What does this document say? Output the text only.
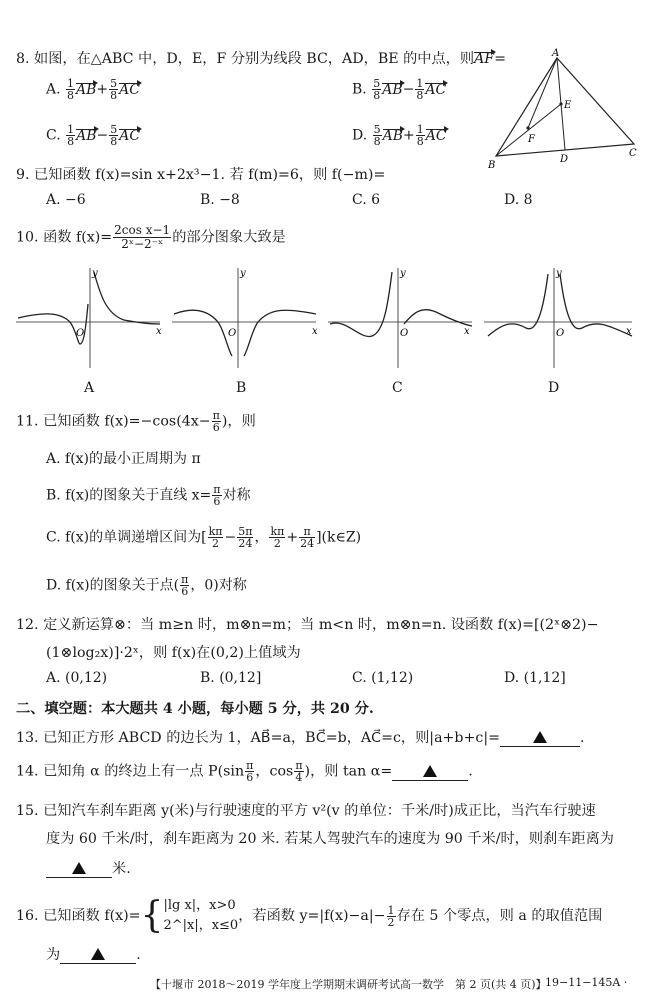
8. 如图，在△ABC 中，D，E，F 分别为线段 BC，AD，BE 的中点，则AF=
A. $\frac{1}{8} AB+ \frac{5}{8}$ AC	B. $\frac{5}{8} AB- \frac{1}{8}$ AC
C. $\frac{1}{8} AB- \frac{5}{8}$ AC	D. $\frac{5}{8} AB+ \frac{1}{8}$ AC
A
B
C
D
E
F
9. 已知函数 f(x)=sin x+2x³−1. 若 f(m)=6，则 f(−m)=
A. −6	B. −8	C. 6	D. 8
10. 函数 $f(x)= \frac{\text{2cos x−1}}{\text{2ˣ−2⁻ˣ}}$ 的部分图象大致是
y
x
O
y
x
O
y
x
O
y
x
O
A	B	C	D
11. 已知函数 $f(x)=-\cos(4x- \frac{\pi}{6}$ )，则
A. f(x)的最小正周期为 π
B. f(x)的图象关于直线 $x= \frac{\pi}{6}$ 对称
C. f(x)的单调递增区间为[ $\frac{k\pi}{2} - \frac{5\pi}{24}$ ， $\frac{k\pi}{2} + \frac{\pi}{24}$ ](k∈Z)
D. f(x)的图象关于点( $\frac{\pi}{6}$ ，0)对称
12. 定义新运算⊗：当 m≥n 时，m⊗n=m；当 m<n 时，m⊗n=n. 设函数 f(x)=[(2ˣ⊗2)−
(1⊗log₂x)]·2ˣ，则 f(x)在(0,2)上值域为
A. (0,12)	B. (0,12]	C. (1,12)	D. (1,12]
二、填空题：本大题共 4 小题，每小题 5 分，共 20 分.
13. 已知正方形 ABCD 的边长为 1，AB⃗=a，BC⃗=b，AC⃗=c，则|a+b+c|=	.
14. 已知角 α 的终边上有一点 $P(\sin \frac{\pi}{6}$ ，$\cos \frac{\pi}{4}$ )，则 tan α=	.
15. 已知汽车刹车距离 y(米)与行驶速度的平方 v²(v 的单位：千米/时)成正比，当汽车行驶速
度为 60 千米/时，刹车距离为 20 米. 若某人驾驶汽车的速度为 90 千米/时，则刹车距离为
米.
16. 已知函数 f(x)={ |lg x|，x>0
2^|x|，x≤0
，若函数 $y=|f(x)-a|- \frac{1}{2}$ 存在 5 个零点，则 a 的取值范围
为	.
【十堰市 2018～2019 学年度上学期期末调研考试高一数学　第 2 页(共 4 页)】
· 19−11−145A ·
